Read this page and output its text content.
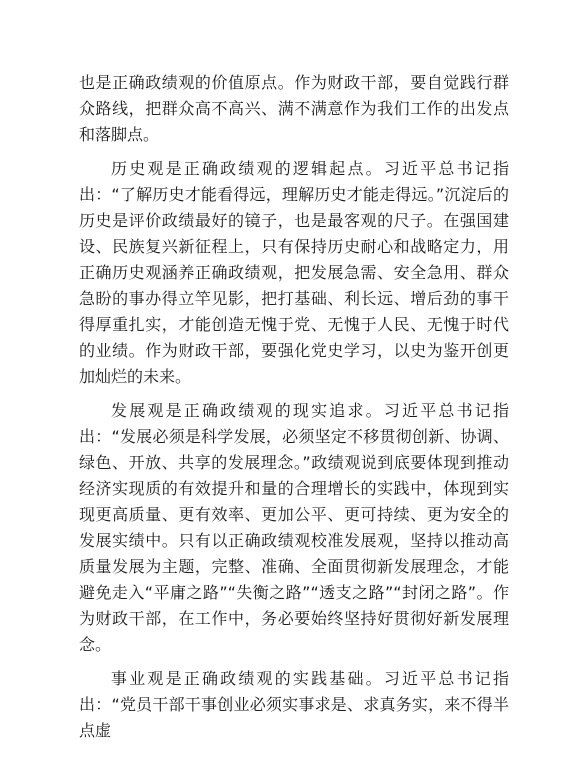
也是正确政绩观的价值原点。作为财政干部，要自觉践行群众路线，把群众高不高兴、满不满意作为我们工作的出发点和落脚点。

历史观是正确政绩观的逻辑起点。习近平总书记指出：“了解历史才能看得远，理解历史才能走得远。”沉淀后的历史是评价政绩最好的镜子，也是最客观的尺子。在强国建设、民族复兴新征程上，只有保持历史耐心和战略定力，用正确历史观涵养正确政绩观，把发展急需、安全急用、群众急盼的事办得立竿见影，把打基础、利长远、增后劲的事干得厚重扎实，才能创造无愧于党、无愧于人民、无愧于时代的业绩。作为财政干部，要强化党史学习，以史为鉴开创更加灿烂的未来。

发展观是正确政绩观的现实追求。习近平总书记指出：“发展必须是科学发展，必须坚定不移贯彻创新、协调、绿色、开放、共享的发展理念。”政绩观说到底要体现到推动经济实现质的有效提升和量的合理增长的实践中，体现到实现更高质量、更有效率、更加公平、更可持续、更为安全的发展实绩中。只有以正确政绩观校准发展观，坚持以推动高质量发展为主题，完整、准确、全面贯彻新发展理念，才能避免走入“平庸之路”“失衡之路”“透支之路”“封闭之路”。作为财政干部，在工作中，务必要始终坚持好贯彻好新发展理念。

事业观是正确政绩观的实践基础。习近平总书记指出：“党员干部干事创业必须实事求是、求真务实，来不得半点虚
